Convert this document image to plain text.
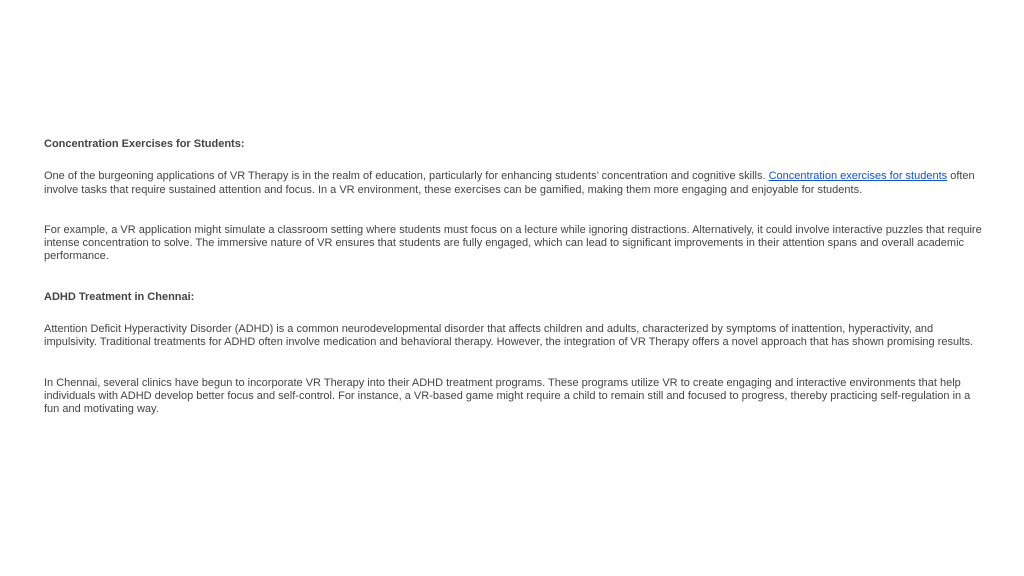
Concentration Exercises for Students:

One of the burgeoning applications of VR Therapy is in the realm of education, particularly for enhancing students’ concentration and cognitive skills. Concentration exercises for students often involve tasks that require sustained attention and focus. In a VR environment, these exercises can be gamified, making them more engaging and enjoyable for students.

For example, a VR application might simulate a classroom setting where students must focus on a lecture while ignoring distractions. Alternatively, it could involve interactive puzzles that require intense concentration to solve. The immersive nature of VR ensures that students are fully engaged, which can lead to significant improvements in their attention spans and overall academic performance.

ADHD Treatment in Chennai:

Attention Deficit Hyperactivity Disorder (ADHD) is a common neurodevelopmental disorder that affects children and adults, characterized by symptoms of inattention, hyperactivity, and impulsivity. Traditional treatments for ADHD often involve medication and behavioral therapy. However, the integration of VR Therapy offers a novel approach that has shown promising results.

In Chennai, several clinics have begun to incorporate VR Therapy into their ADHD treatment programs. These programs utilize VR to create engaging and interactive environments that help individuals with ADHD develop better focus and self-control. For instance, a VR-based game might require a child to remain still and focused to progress, thereby practicing self-regulation in a fun and motivating way.
